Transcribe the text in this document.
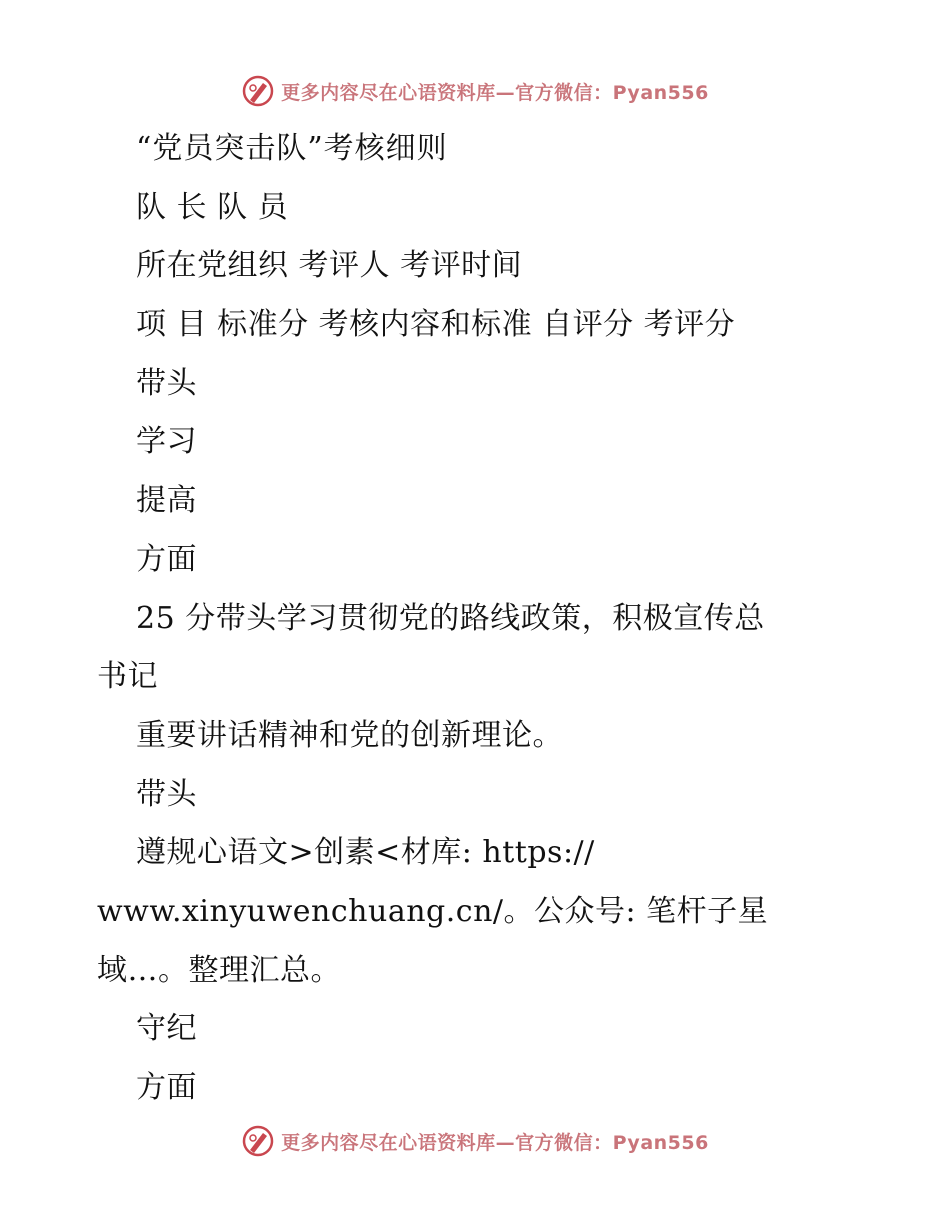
更多内容尽在心语资料库—官方微信：Pyan556
“党员突击队”考核细则
队 长 队 员
所在党组织 考评人 考评时间
项 目 标准分 考核内容和标准 自评分 考评分
带头
学习
提高
方面
25 分带头学习贯彻党的路线政策，积极宣传总
书记
重要讲话精神和党的创新理论。
带头
遵规心语文>创素<材库: https://
www.xinyuwenchuang.cn/。公众号: 笔杆子星
域…。整理汇总。
守纪
方面
更多内容尽在心语资料库—官方微信：Pyan556
